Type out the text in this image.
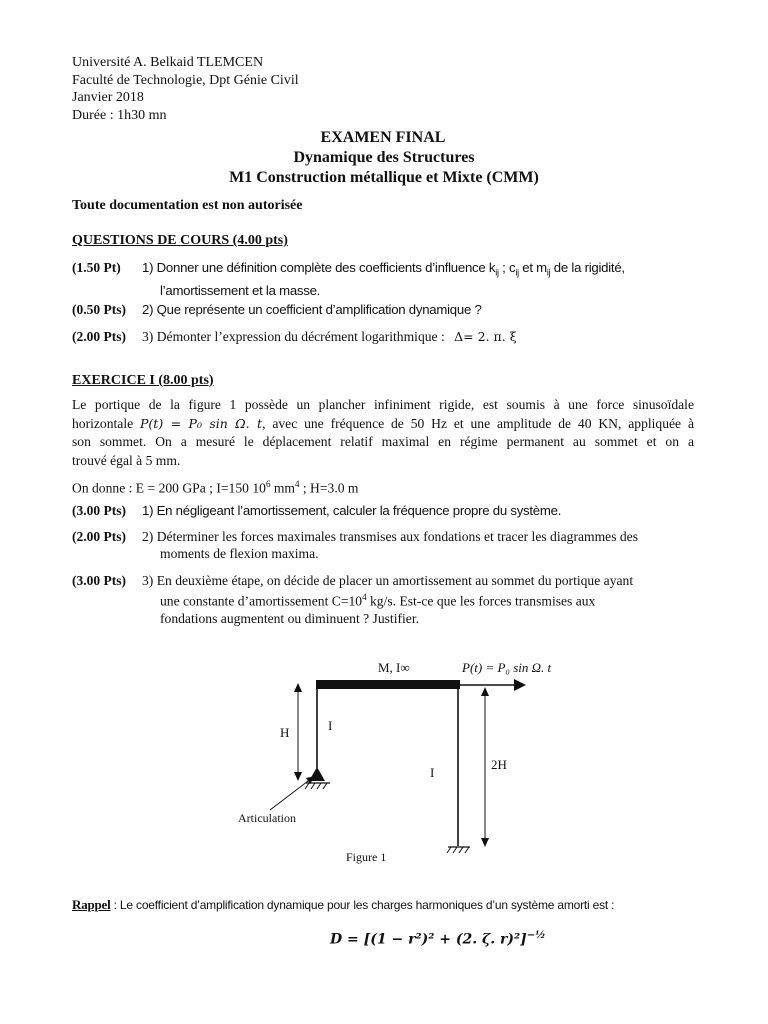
Université A. Belkaid TLEMCEN
Faculté de Technologie, Dpt Génie Civil
Janvier 2018
Durée : 1h30 mn
EXAMEN FINAL
Dynamique des Structures
M1 Construction métallique et Mixte (CMM)
Toute documentation est non autorisée
QUESTIONS DE COURS (4.00 pts)
(1.50 Pt) 1) Donner une définition complète des coefficients d’influence $k_{ij}$ ; $c_{ij}$ et $m_{ij}$ de la rigidité,
l’amortissement et la masse.
(0.50 Pts) 2) Que représente un coefficient d’amplification dynamique ?
(2.00 Pts) 3) Démonter l’expression du décrément logarithmique : Δ= 2. π. ξ
EXERCICE I (8.00 pts)
Le portique de la figure 1 possède un plancher infiniment rigide, est soumis à une force sinusoïdale
horizontale P(t) = P₀ sin Ω. t, avec une fréquence de 50 Hz et une amplitude de 40 KN, appliquée à
son sommet. On a mesuré le déplacement relatif maximal en régime permanent au sommet et on a
trouvé égal à 5 mm.
On donne : E = 200 GPa ; I=150 $10^6$ $mm^4$ ; H=3.0 m
(3.00 Pts) 1) En négligeant l’amortissement, calculer la fréquence propre du système.
(2.00 Pts) 2) Déterminer les forces maximales transmises aux fondations et tracer les diagrammes des
moments de flexion maxima.
(3.00 Pts) 3) En deuxième étape, on décide de placer un amortissement au sommet du portique ayant
une constante d’amortissement $C=10^4$ kg/s. Est-ce que les forces transmises aux
fondations augmentent ou diminuent ? Justifier.
M, I∞	P(t) = P₀ sin Ω. t
H	I
I
2H
Articulation
Figure 1
Rappel : Le coefficient d’amplification dynamique pour les charges harmoniques d’un système amorti est :
D = [(1 − r²)² + (2. ζ. r)²]$^{-\frac{1}{2}}$
